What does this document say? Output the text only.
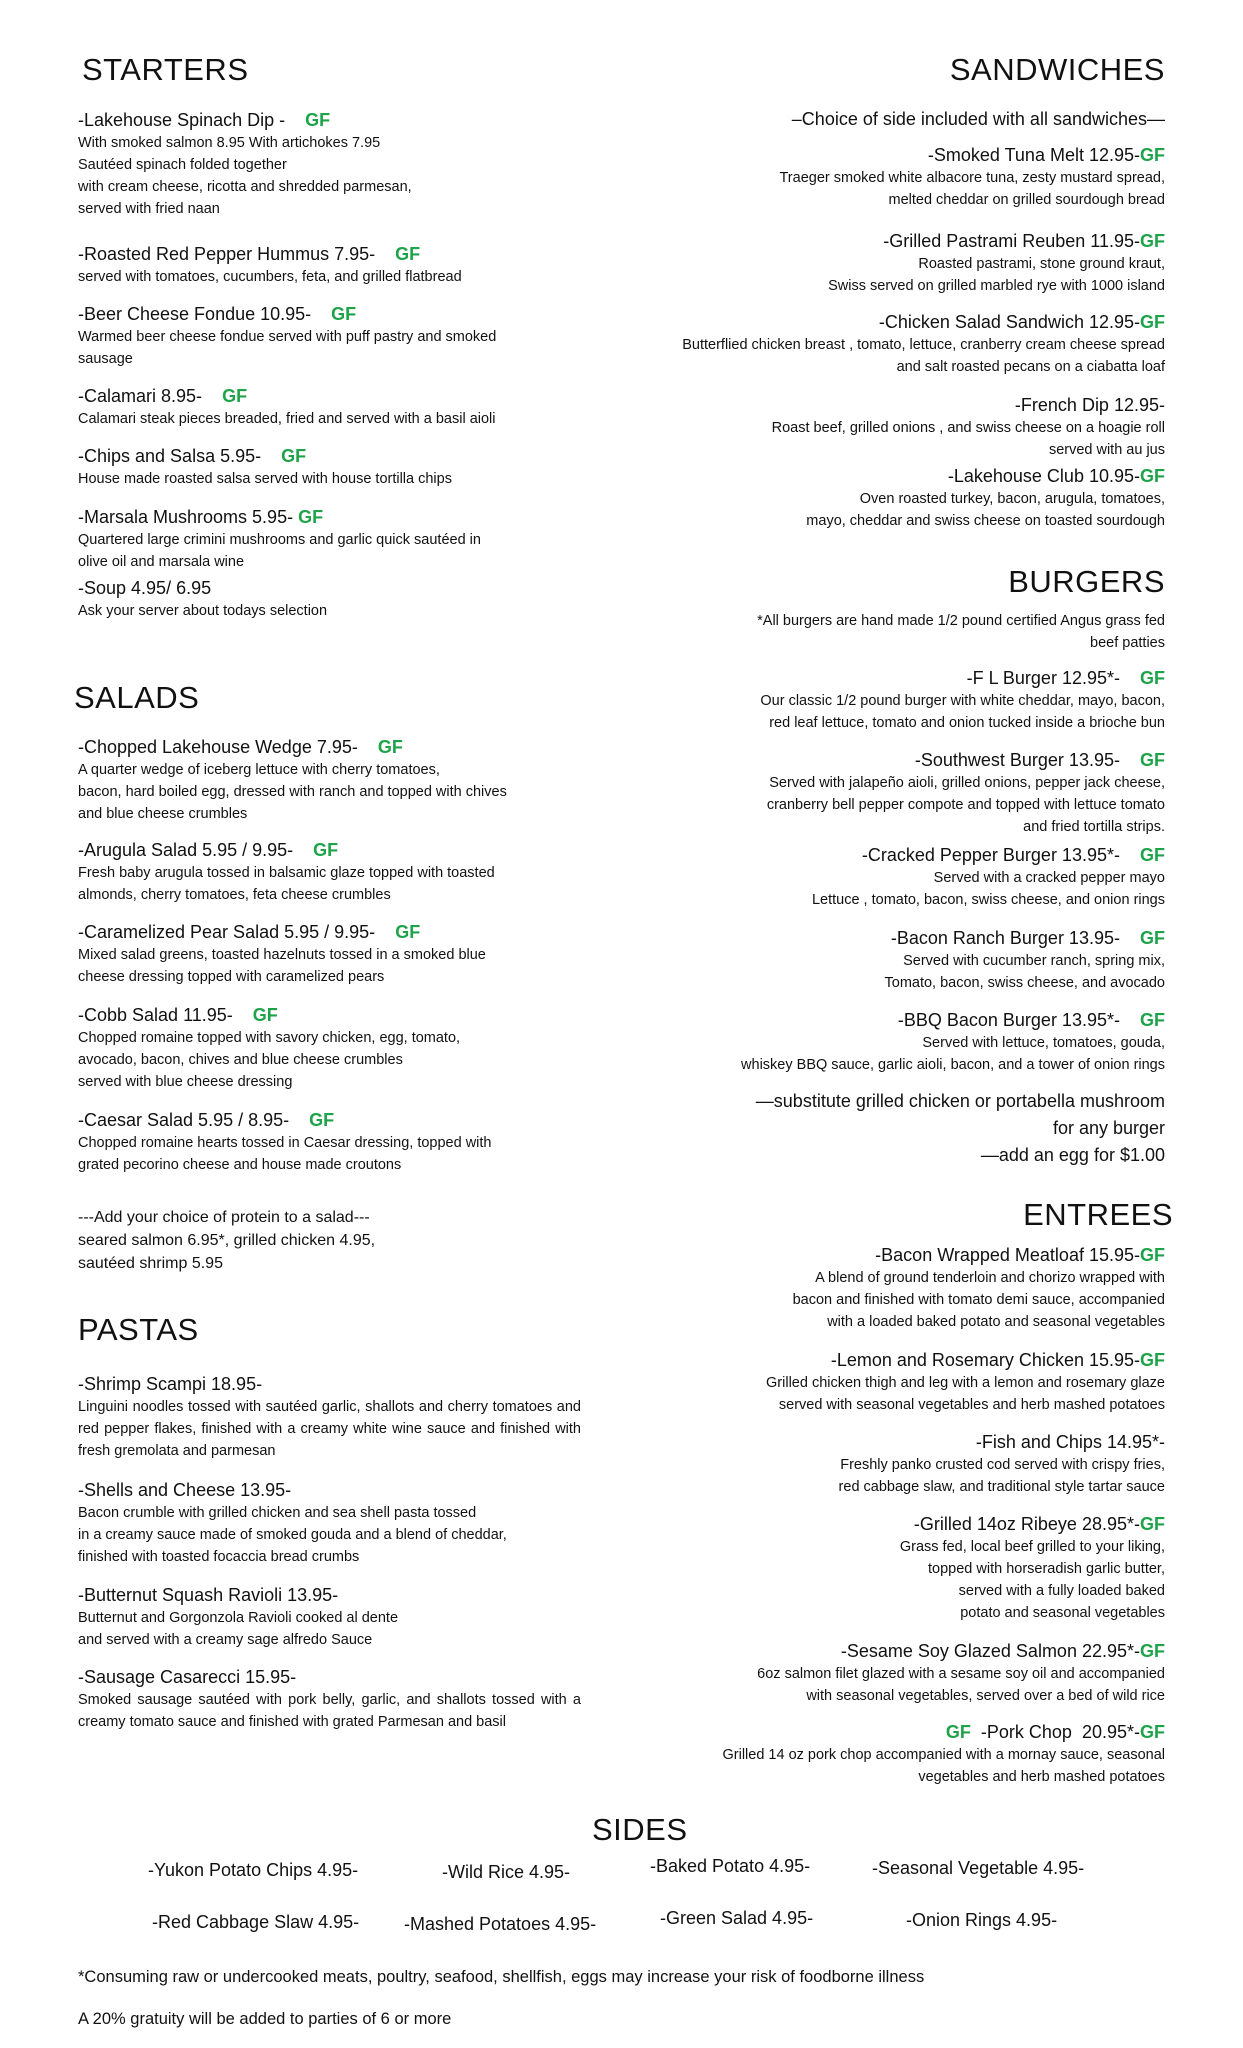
STARTERS
-Lakehouse Spinach Dip - GF
With smoked salmon 8.95 With artichokes 7.95
Sautéed spinach folded together
with cream cheese, ricotta and shredded parmesan,
served with fried naan
-Roasted Red Pepper Hummus 7.95- GF
served with tomatoes, cucumbers, feta, and grilled flatbread
-Beer Cheese Fondue 10.95- GF
Warmed beer cheese fondue served with puff pastry and smoked
sausage
-Calamari 8.95- GF
Calamari steak pieces breaded, fried and served with a basil aioli
-Chips and Salsa 5.95- GF
House made roasted salsa served with house tortilla chips
-Marsala Mushrooms 5.95- GF
Quartered large crimini mushrooms and garlic quick sautéed in
olive oil and marsala wine
-Soup 4.95/ 6.95
Ask your server about todays selection
SALADS
-Chopped Lakehouse Wedge 7.95- GF
A quarter wedge of iceberg lettuce with cherry tomatoes,
bacon, hard boiled egg, dressed with ranch and topped with chives
and blue cheese crumbles
-Arugula Salad 5.95 / 9.95- GF
Fresh baby arugula tossed in balsamic glaze topped with toasted
almonds, cherry tomatoes, feta cheese crumbles
-Caramelized Pear Salad 5.95 / 9.95- GF
Mixed salad greens, toasted hazelnuts tossed in a smoked blue
cheese dressing topped with caramelized pears
-Cobb Salad 11.95- GF
Chopped romaine topped with savory chicken, egg, tomato,
avocado, bacon, chives and blue cheese crumbles
served with blue cheese dressing
-Caesar Salad 5.95 / 8.95- GF
Chopped romaine hearts tossed in Caesar dressing, topped with
grated pecorino cheese and house made croutons
---Add your choice of protein to a salad---
seared salmon 6.95*, grilled chicken 4.95,
sautéed shrimp 5.95
PASTAS
-Shrimp Scampi 18.95-
Linguini noodles tossed with sautéed garlic, shallots and cherry tomatoes and red pepper flakes, finished with a creamy white wine sauce and finished with fresh gremolata and parmesan
-Shells and Cheese 13.95-
Bacon crumble with grilled chicken and sea shell pasta tossed
in a creamy sauce made of smoked gouda and a blend of cheddar,
finished with toasted focaccia bread crumbs
-Butternut Squash Ravioli 13.95-
Butternut and Gorgonzola Ravioli cooked al dente
and served with a creamy sage alfredo Sauce
-Sausage Casarecci 15.95-
Smoked sausage sautéed with pork belly, garlic, and shallots tossed with a creamy tomato sauce and finished with grated Parmesan and basil
SANDWICHES
–Choice of side included with all sandwiches—
-Smoked Tuna Melt 12.95-GF
Traeger smoked white albacore tuna, zesty mustard spread,
melted cheddar on grilled sourdough bread
-Grilled Pastrami Reuben 11.95-GF
Roasted pastrami, stone ground kraut,
Swiss served on grilled marbled rye with 1000 island
-Chicken Salad Sandwich 12.95-GF
Butterflied chicken breast , tomato, lettuce, cranberry cream cheese spread
and salt roasted pecans on a ciabatta loaf
-French Dip 12.95-
Roast beef, grilled onions , and swiss cheese on a hoagie roll
served with au jus
-Lakehouse Club 10.95-GF
Oven roasted turkey, bacon, arugula, tomatoes,
mayo, cheddar and swiss cheese on toasted sourdough
BURGERS
*All burgers are hand made 1/2 pound certified Angus grass fed
beef patties
-F L Burger 12.95*- GF
Our classic 1/2 pound burger with white cheddar, mayo, bacon,
red leaf lettuce, tomato and onion tucked inside a brioche bun
-Southwest Burger 13.95- GF
Served with jalapeño aioli, grilled onions, pepper jack cheese,
cranberry bell pepper compote and topped with lettuce tomato
and fried tortilla strips.
-Cracked Pepper Burger 13.95*- GF
Served with a cracked pepper mayo
Lettuce , tomato, bacon, swiss cheese, and onion rings
-Bacon Ranch Burger 13.95- GF
Served with cucumber ranch, spring mix,
Tomato, bacon, swiss cheese, and avocado
-BBQ Bacon Burger 13.95*- GF
Served with lettuce, tomatoes, gouda,
whiskey BBQ sauce, garlic aioli, bacon, and a tower of onion rings
—substitute grilled chicken or portabella mushroom
for any burger
—add an egg for $1.00
ENTREES
-Bacon Wrapped Meatloaf 15.95-GF
A blend of ground tenderloin and chorizo wrapped with
bacon and finished with tomato demi sauce, accompanied
with a loaded baked potato and seasonal vegetables
-Lemon and Rosemary Chicken 15.95-GF
Grilled chicken thigh and leg with a lemon and rosemary glaze
served with seasonal vegetables and herb mashed potatoes
-Fish and Chips 14.95*-
Freshly panko crusted cod served with crispy fries,
red cabbage slaw, and traditional style tartar sauce
-Grilled 14oz Ribeye 28.95*-GF
Grass fed, local beef grilled to your liking,
topped with horseradish garlic butter,
served with a fully loaded baked
potato and seasonal vegetables
-Sesame Soy Glazed Salmon 22.95*-GF
6oz salmon filet glazed with a sesame soy oil and accompanied
with seasonal vegetables, served over a bed of wild rice
GF  -Pork Chop  20.95*-GF
Grilled 14 oz pork chop accompanied with a mornay sauce, seasonal
vegetables and herb mashed potatoes
SIDES
-Yukon Potato Chips 4.95-	-Wild Rice 4.95-	-Baked Potato 4.95-	-Seasonal Vegetable 4.95-
-Red Cabbage Slaw 4.95- -Mashed Potatoes 4.95-	-Green Salad 4.95-	-Onion Rings 4.95-
*Consuming raw or undercooked meats, poultry, seafood, shellfish, eggs may increase your risk of foodborne illness
A 20% gratuity will be added to parties of 6 or more
